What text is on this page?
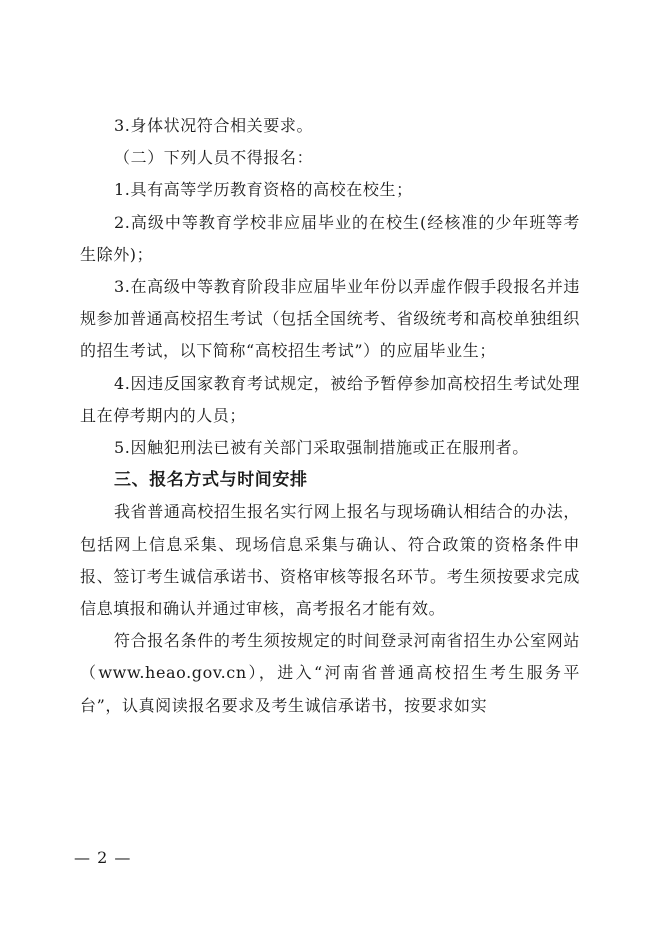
3.身体状况符合相关要求。

（二）下列人员不得报名：

1.具有高等学历教育资格的高校在校生；

2.高级中等教育学校非应届毕业的在校生(经核准的少年班等考生除外)；

3.在高级中等教育阶段非应届毕业年份以弄虚作假手段报名并违规参加普通高校招生考试（包括全国统考、省级统考和高校单独组织的招生考试，以下简称“高校招生考试”）的应届毕业生；

4.因违反国家教育考试规定，被给予暂停参加高校招生考试处理且在停考期内的人员；

5.因触犯刑法已被有关部门采取强制措施或正在服刑者。

三、报名方式与时间安排

我省普通高校招生报名实行网上报名与现场确认相结合的办法，包括网上信息采集、现场信息采集与确认、符合政策的资格条件申报、签订考生诚信承诺书、资格审核等报名环节。考生须按要求完成信息填报和确认并通过审核，高考报名才能有效。

符合报名条件的考生须按规定的时间登录河南省招生办公室网站（www.heao.gov.cn），进入“河南省普通高校招生考生服务平台”，认真阅读报名要求及考生诚信承诺书，按要求如实

— 2 —
